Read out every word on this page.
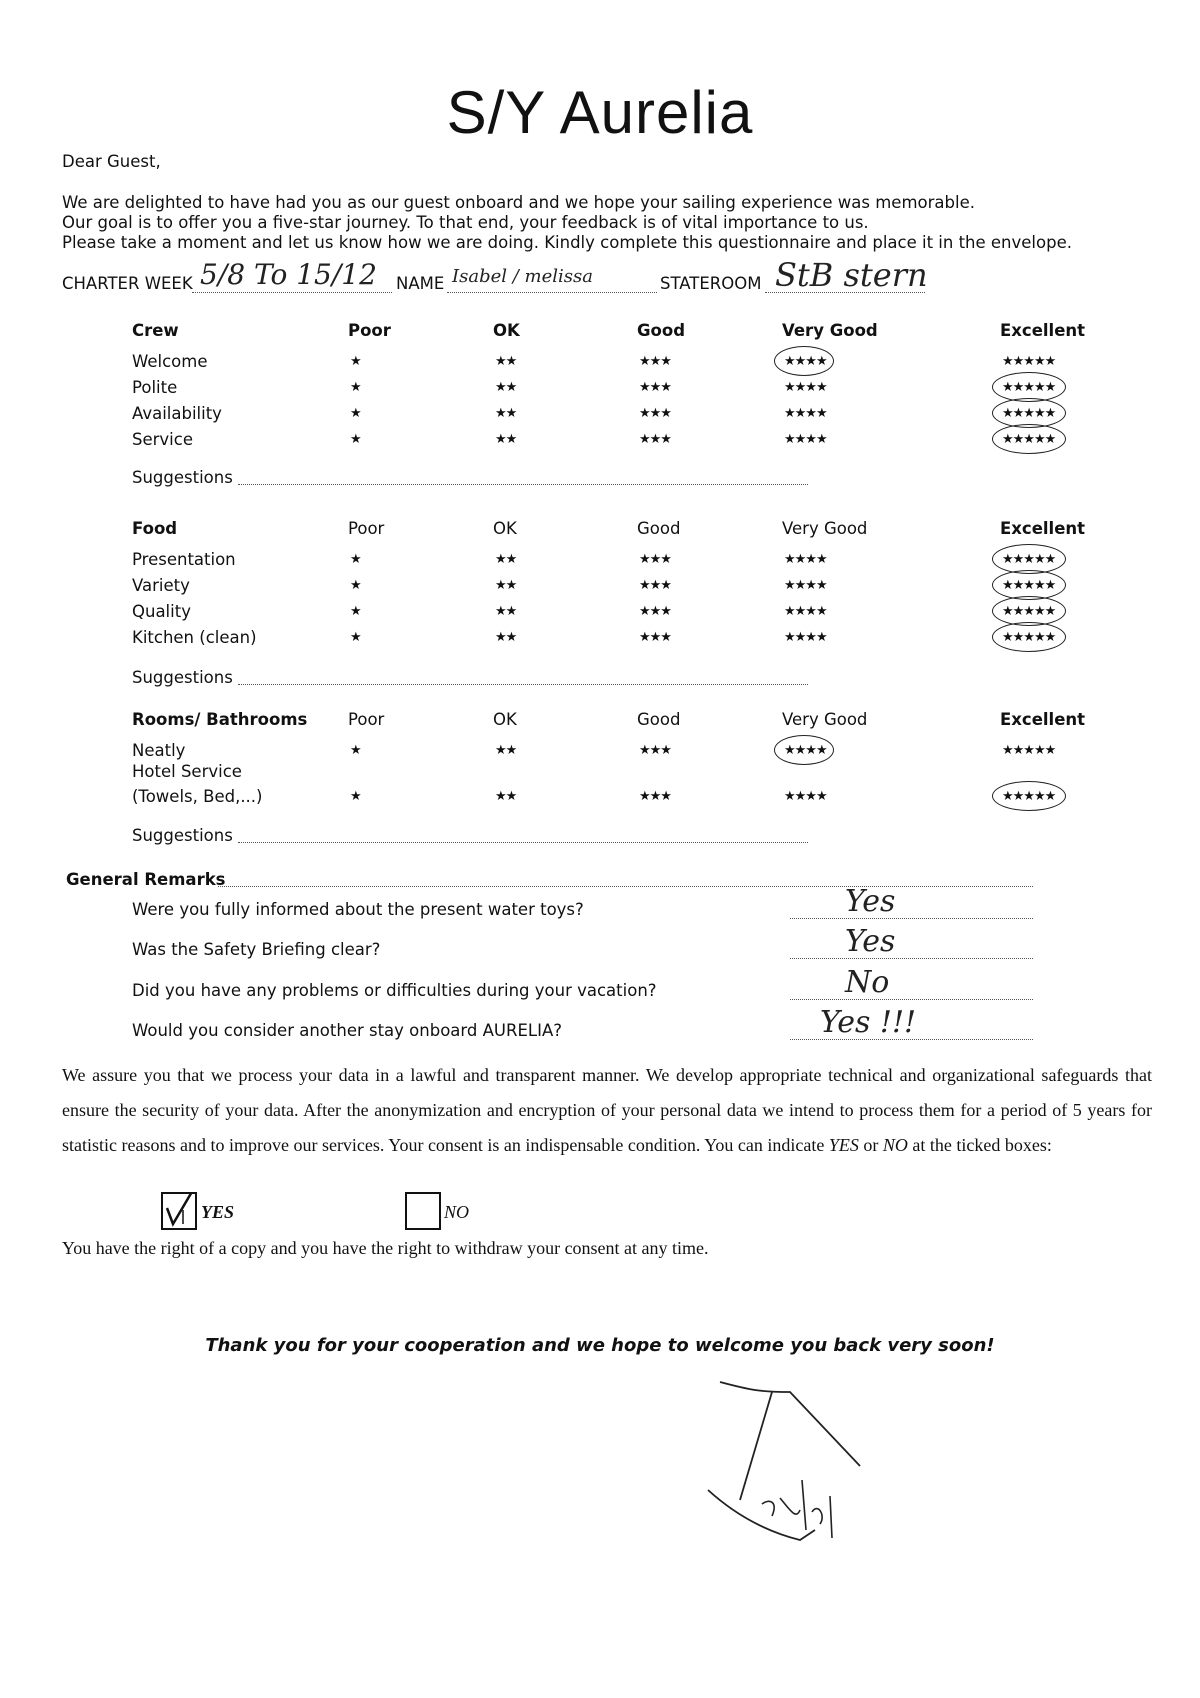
S/Y Aurelia
Dear Guest,
We are delighted to have had you as our guest onboard and we hope your sailing experience was memorable.
Our goal is to offer you a five-star journey. To that end, your feedback is of vital importance to us.
Please take a moment and let us know how we are doing. Kindly complete this questionnaire and place it in the envelope.
CHARTER WEEK 5/8 To 15/12 NAME Isabel / melissa	STATEROOM StB stern
Crew	Poor	OK	Good	Very Good	Excellent
Welcome	★	★★	★★★	★★★★	★★★★★
Polite	★	★★	★★★	★★★★	★★★★★
Availability	★	★★	★★★	★★★★	★★★★★
Service	★	★★	★★★	★★★★	★★★★★
Suggestions
Food	Poor	OK	Good	Very Good	Excellent
Presentation	★	★★	★★★	★★★★	★★★★★
Variety	★	★★	★★★	★★★★	★★★★★
Quality	★	★★	★★★	★★★★	★★★★★
Kitchen (clean)	★	★★	★★★	★★★★	★★★★★
Suggestions
Rooms/ Bathrooms Poor	OK	Good	Very Good	Excellent
Neatly	★	★★	★★★	★★★★	★★★★★
Hotel Service
(Towels, Bed,...)	★	★★	★★★	★★★★	★★★★★
Suggestions
General Remarks
Were you fully informed about the present water toys?	Yes
Was the Safety Briefing clear?	Yes
Did you have any problems or difficulties during your vacation?	No
Would you consider another stay onboard AURELIA?	Yes !!!
We assure you that we process your data in a lawful and transparent manner. We develop appropriate technical and organizational safeguards that ensure the security of your data. After the anonymization and encryption of your personal data we intend to process them for a period of 5 years for statistic reasons and to improve our services. Your consent is an indispensable condition. You can indicate YES or NO at the ticked boxes:
YES	NO
You have the right of a copy and you have the right to withdraw your consent at any time.
Thank you for your cooperation and we hope to welcome you back very soon!
